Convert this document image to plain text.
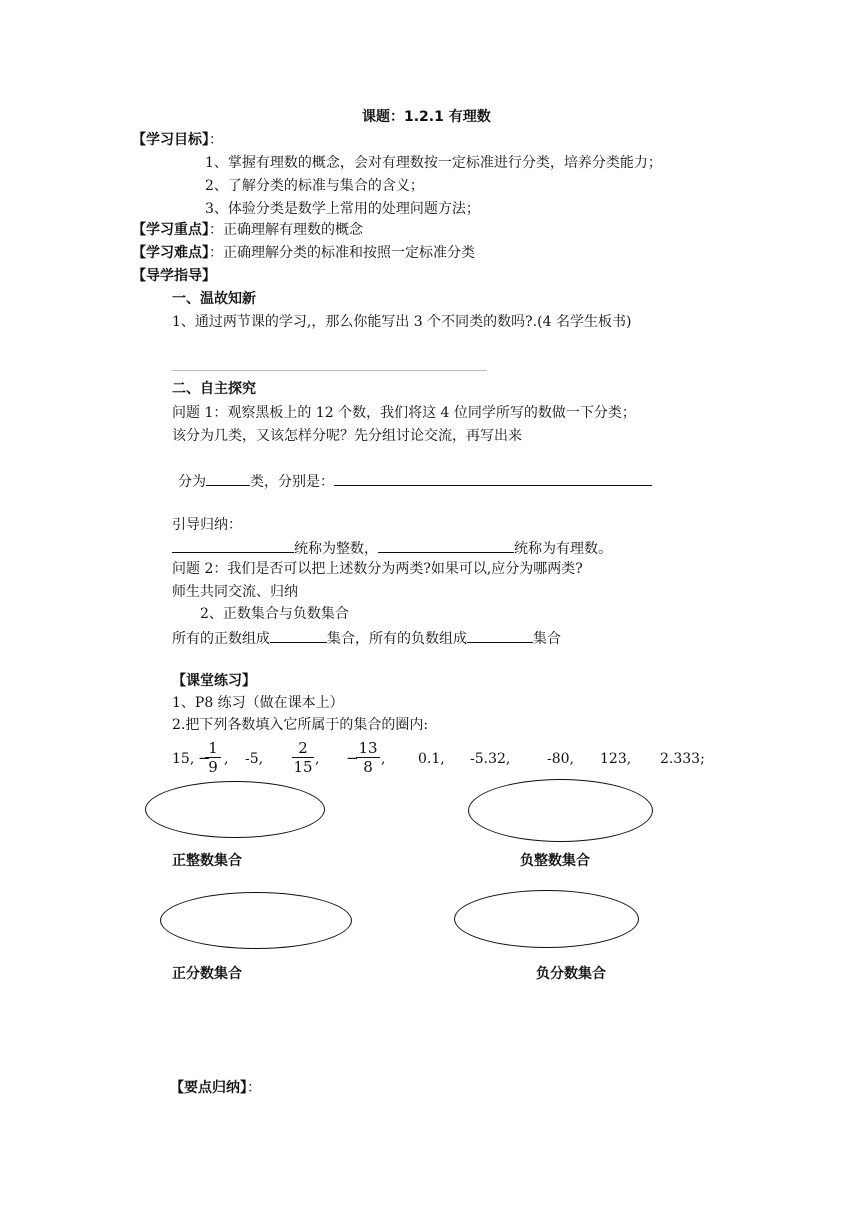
课题：1.2.1 有理数
【学习目标】：
1、掌握有理数的概念，会对有理数按一定标准进行分类，培养分类能力；
2、了解分类的标准与集合的含义；
3、体验分类是数学上常用的处理问题方法；
【学习重点】：正确理解有理数的概念
【学习难点】：正确理解分类的标准和按照一定标准分类
【导学指导】
一、温故知新
1、通过两节课的学习,，那么你能写出 3 个不同类的数吗?.(4 名学生板书)
二、自主探究
问题 1：观察黑板上的 12 个数，我们将这 4 位同学所写的数做一下分类；
该分为几类，又该怎样分呢？先分组讨论交流，再写出来
分为	类，分别是：
引导归纳：
统称为整数，	统称为有理数。
问题 2：我们是否可以把上述数分为两类?如果可以,应分为哪两类?
师生共同交流、归纳
2、正数集合与负数集合
所有的正数组成	集合，所有的负数组成	集合
【课堂练习】
1、P8 练习（做在课本上）
2.把下列各数填入它所属于的集合的圈内:
15, −
$\frac{1}{9}$ , -5, $\frac{2}{15}$ , −
$\frac{13}{8}$ , 0.1, -5.32,	-80, 123, 2.333;
正整数集合	负整数集合
正分数集合	负分数集合
【要点归纳】：
